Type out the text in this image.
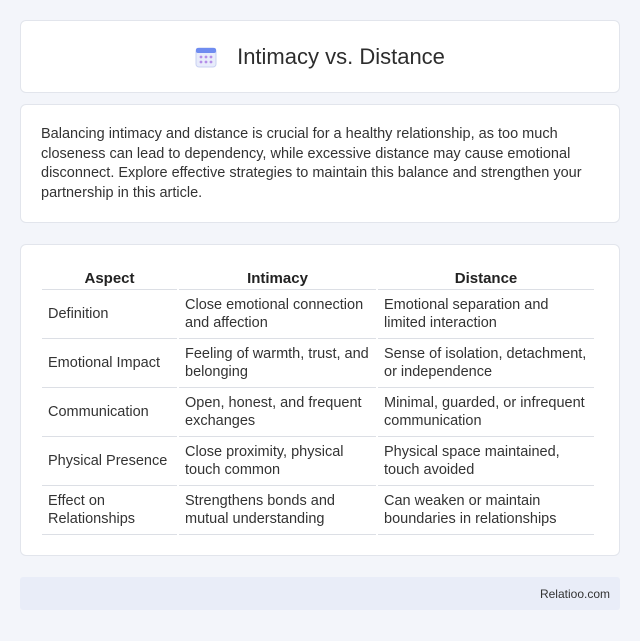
Intimacy vs. Distance

Balancing intimacy and distance is crucial for a healthy relationship, as too much closeness can lead to dependency, while excessive distance may cause emotional disconnect. Explore effective strategies to maintain this balance and strengthen your partnership in this article.

Aspect	Intimacy	Distance
Definition	Close emotional connection and affection	Emotional separation and limited interaction
Emotional Impact	Feeling of warmth, trust, and belonging	Sense of isolation, detachment, or independence
Communication	Open, honest, and frequent exchanges	Minimal, guarded, or infrequent communication
Physical Presence	Close proximity, physical touch common	Physical space maintained, touch avoided
Effect on Relationships	Strengthens bonds and mutual understanding	Can weaken or maintain boundaries in relationships
Relatioo.com
